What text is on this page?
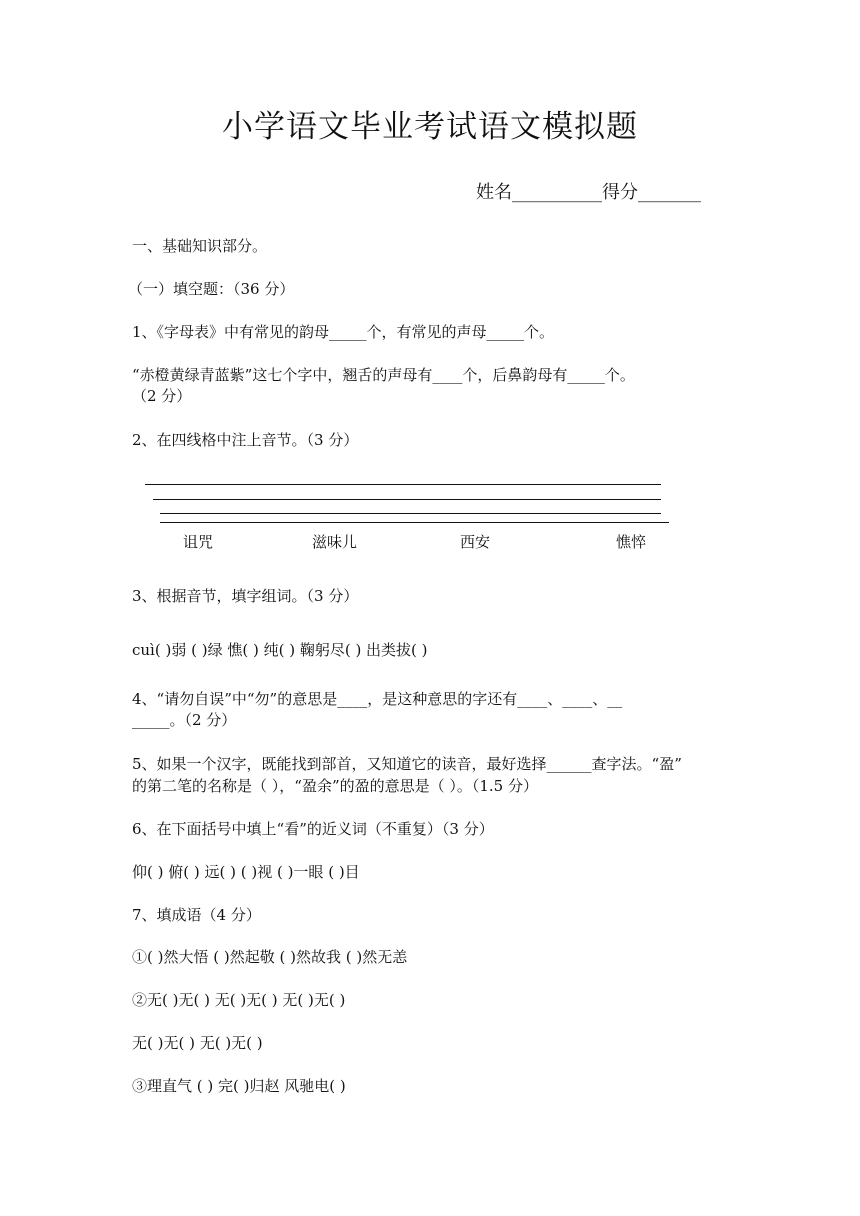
小学语文毕业考试语文模拟题
姓名__________得分_______
一、基础知识部分。
（一）填空题：（36 分）
1、《字母表》中有常见的韵母_____个，有常见的声母_____个。
“赤橙黄绿青蓝紫”这七个字中，翘舌的声母有____个，后鼻韵母有_____个。
（2 分）
2、在四线格中注上音节。（3 分）
诅咒	滋味儿	西安	憔悴
3、根据音节，填字组词。（3 分）
cuì( )弱 ( )绿 憔( ) 纯( ) 鞠躬尽( ) 出类拔( )
4、“请勿自误”中“勿”的意思是____，是这种意思的字还有____、____、__
_____。（2 分）
5、如果一个汉字，既能找到部首，又知道它的读音，最好选择______查字法。“盈”
的第二笔的名称是（ ），“盈余”的盈的意思是（ ）。（1.5 分）
6、在下面括号中填上“看”的近义词（不重复）（3 分）
仰( ) 俯( ) 远( ) ( )视 ( )一眼 ( )目
7、填成语（4 分）
①( )然大悟 ( )然起敬 ( )然故我 ( )然无恙
②无( )无( ) 无( )无( ) 无( )无( )
无( )无( ) 无( )无( )
③理直气 ( ) 完( )归赵 风驰电( )
